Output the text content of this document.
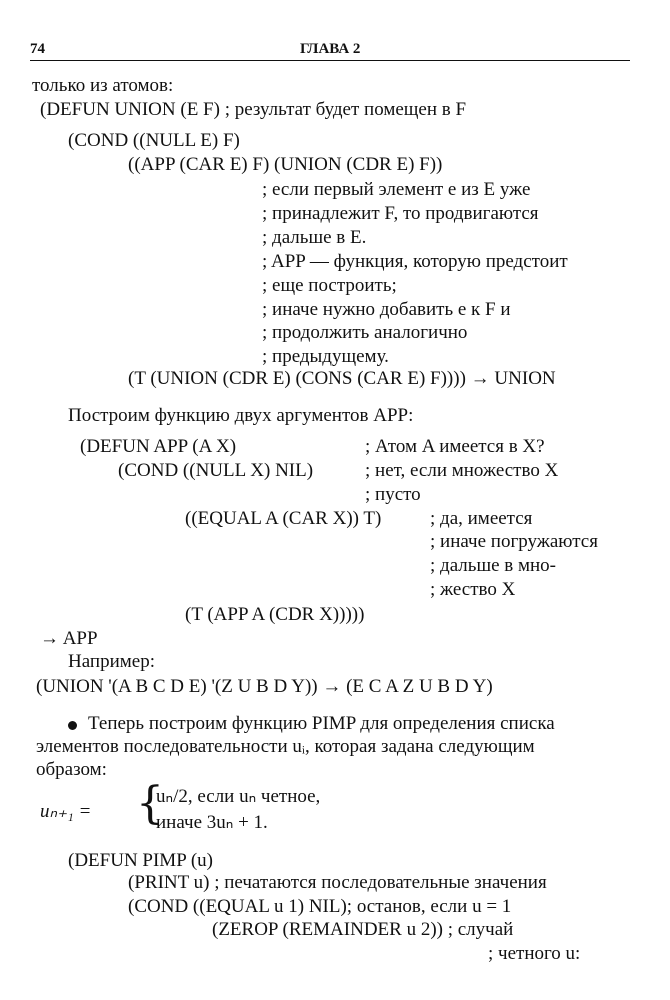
74	ГЛАВА 2
только из атомов:
(DEFUN UNION (E F) ; результат будет помещен в F
(COND ((NULL E) F)
((APP (CAR E) F) (UNION (CDR E) F))
; если первый элемент e из E уже
; принадлежит F, то продвигаются
; дальше в E.
; APP — функция, которую предстоит
; еще построить;
; иначе нужно добавить e к F и
; продолжить аналогично
; предыдущему.
(T (UNION (CDR E) (CONS (CAR E) F)))) → UNION
Построим функцию двух аргументов APP:
(DEFUN APP (A X)	; Атом A имеется в X?
(COND ((NULL X) NIL)	; нет, если множество X
; пусто
((EQUAL A (CAR X)) T)	; да, имеется
; иначе погружаются
; дальше в мно-
; жество X
(T (APP A (CDR X)))))
→ APP
Например:
(UNION '(A B C D E) '(Z U B D Y)) → (E C A Z U B D Y)
Теперь построим функцию PIMP для определения списка
элементов последовательности uᵢ, которая задана следующим
образом:
uₙ₊₁ = {
uₙ/2, если uₙ четное,
иначе 3uₙ + 1.
(DEFUN PIMP (u)
(PRINT u) ; печатаются последовательные значения
(COND ((EQUAL u 1) NIL); останов, если u = 1
(ZEROP (REMAINDER u 2)) ; случай
; четного u:
